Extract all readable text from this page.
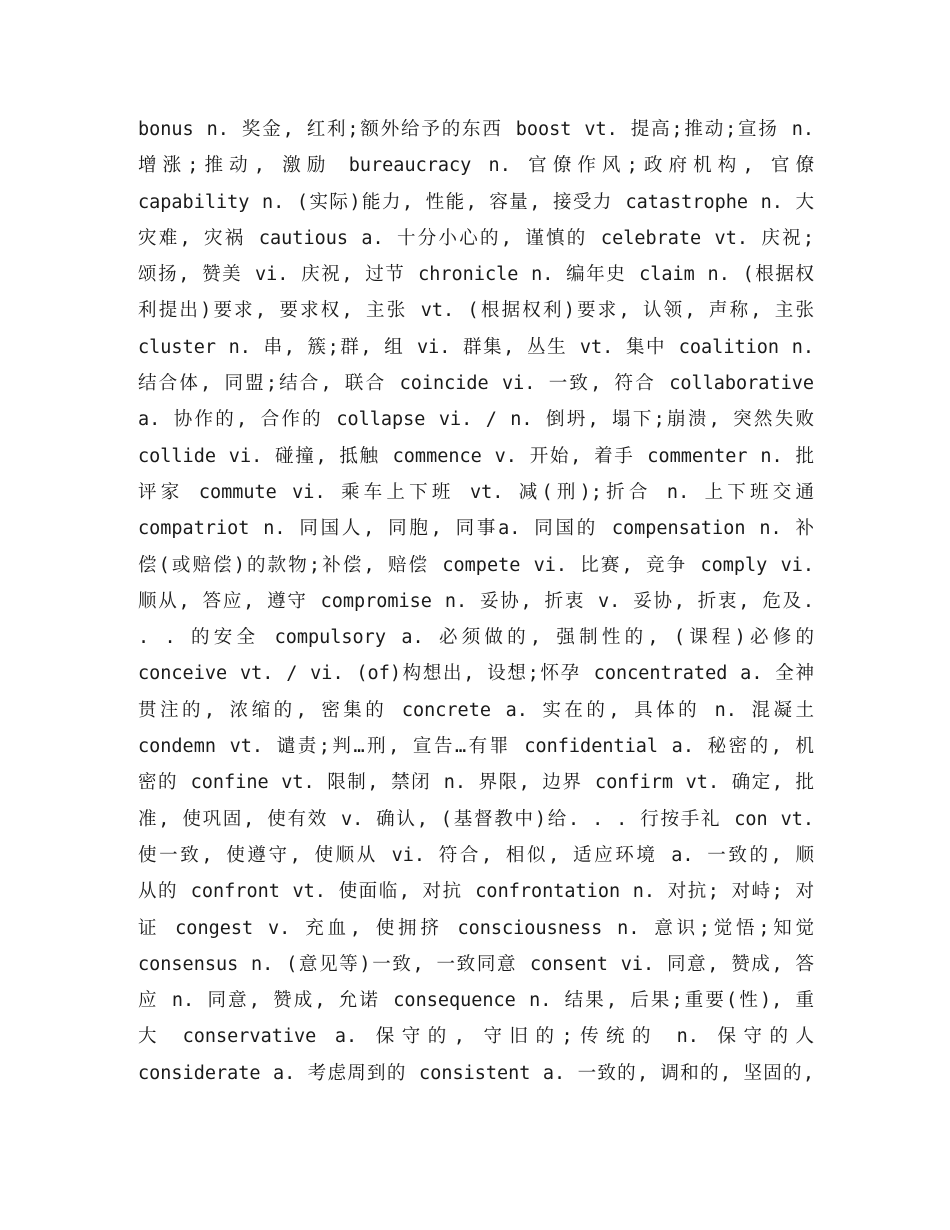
bonus n. 奖金, 红利;额外给予的东西 boost vt. 提高;推动;宣扬 n.
增涨;推动, 激励 bureaucracy n. 官僚作风;政府机构, 官僚
capability n. (实际)能力, 性能, 容量, 接受力 catastrophe n. 大
灾难, 灾祸 cautious a. 十分小心的, 谨慎的 celebrate vt. 庆祝;
颂扬, 赞美 vi. 庆祝, 过节 chronicle n. 编年史 claim n. (根据权
利提出)要求, 要求权, 主张 vt. (根据权利)要求, 认领, 声称, 主张
cluster n. 串, 簇;群, 组 vi. 群集, 丛生 vt. 集中 coalition n.
结合体, 同盟;结合, 联合 coincide vi. 一致, 符合 collaborative
a. 协作的, 合作的 collapse vi. / n. 倒坍, 塌下;崩溃, 突然失败
collide vi. 碰撞, 抵触 commence v. 开始, 着手 commenter n. 批
评家 commute vi. 乘车上下班 vt. 减(刑);折合 n. 上下班交通
compatriot n. 同国人, 同胞, 同事a. 同国的 compensation n. 补
偿(或赔偿)的款物;补偿, 赔偿 compete vi. 比赛, 竞争 comply vi.
顺从, 答应, 遵守 compromise n. 妥协, 折衷 v. 妥协, 折衷, 危及.
. . 的安全 compulsory a. 必须做的, 强制性的, (课程)必修的
conceive vt. / vi. (of)构想出, 设想;怀孕 concentrated a. 全神
贯注的, 浓缩的, 密集的 concrete a. 实在的, 具体的 n. 混凝土
condemn vt. 谴责;判…刑, 宣告…有罪 confidential a. 秘密的, 机
密的 confine vt. 限制, 禁闭 n. 界限, 边界 confirm vt. 确定, 批
准, 使巩固, 使有效 v. 确认, (基督教中)给. . . 行按手礼 con vt.
使一致, 使遵守, 使顺从 vi. 符合, 相似, 适应环境 a. 一致的, 顺
从的 confront vt. 使面临, 对抗 confrontation n. 对抗; 对峙; 对
证 congest v. 充血, 使拥挤 consciousness n. 意识;觉悟;知觉
consensus n. (意见等)一致, 一致同意 consent vi. 同意, 赞成, 答
应 n. 同意, 赞成, 允诺 consequence n. 结果, 后果;重要(性), 重
大 conservative a. 保守的, 守旧的;传统的 n. 保守的人
considerate a. 考虑周到的 consistent a. 一致的, 调和的, 坚固的,
